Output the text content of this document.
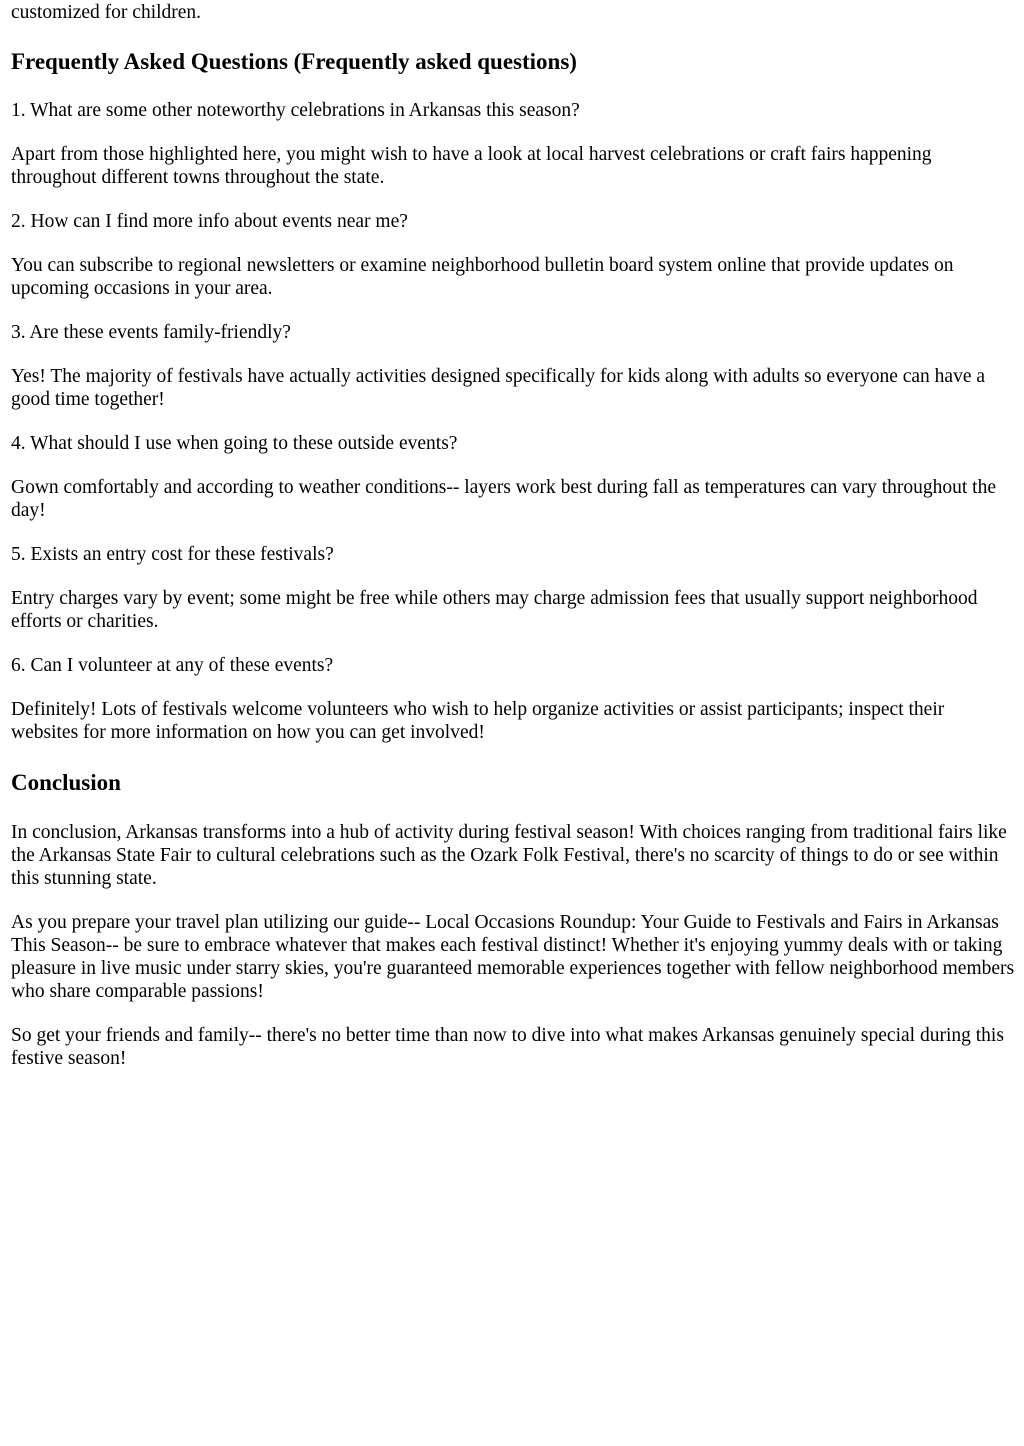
customized for children.

Frequently Asked Questions (Frequently asked questions)

1. What are some other noteworthy celebrations in Arkansas this season?

Apart from those highlighted here, you might wish to have a look at local harvest celebrations or craft fairs happening throughout different towns throughout the state.

2. How can I find more info about events near me?

You can subscribe to regional newsletters or examine neighborhood bulletin board system online that provide updates on upcoming occasions in your area.

3. Are these events family-friendly?

Yes! The majority of festivals have actually activities designed specifically for kids along with adults so everyone can have a good time together!

4. What should I use when going to these outside events?

Gown comfortably and according to weather conditions-- layers work best during fall as temperatures can vary throughout the day!

5. Exists an entry cost for these festivals?

Entry charges vary by event; some might be free while others may charge admission fees that usually support neighborhood efforts or charities.

6. Can I volunteer at any of these events?

Definitely! Lots of festivals welcome volunteers who wish to help organize activities or assist participants; inspect their websites for more information on how you can get involved!

Conclusion

In conclusion, Arkansas transforms into a hub of activity during festival season! With choices ranging from traditional fairs like the Arkansas State Fair to cultural celebrations such as the Ozark Folk Festival, there's no scarcity of things to do or see within this stunning state.

As you prepare your travel plan utilizing our guide-- Local Occasions Roundup: Your Guide to Festivals and Fairs in Arkansas This Season-- be sure to embrace whatever that makes each festival distinct! Whether it's enjoying yummy deals with or taking pleasure in live music under starry skies, you're guaranteed memorable experiences together with fellow neighborhood members who share comparable passions!

So get your friends and family-- there's no better time than now to dive into what makes Arkansas genuinely special during this festive season!
